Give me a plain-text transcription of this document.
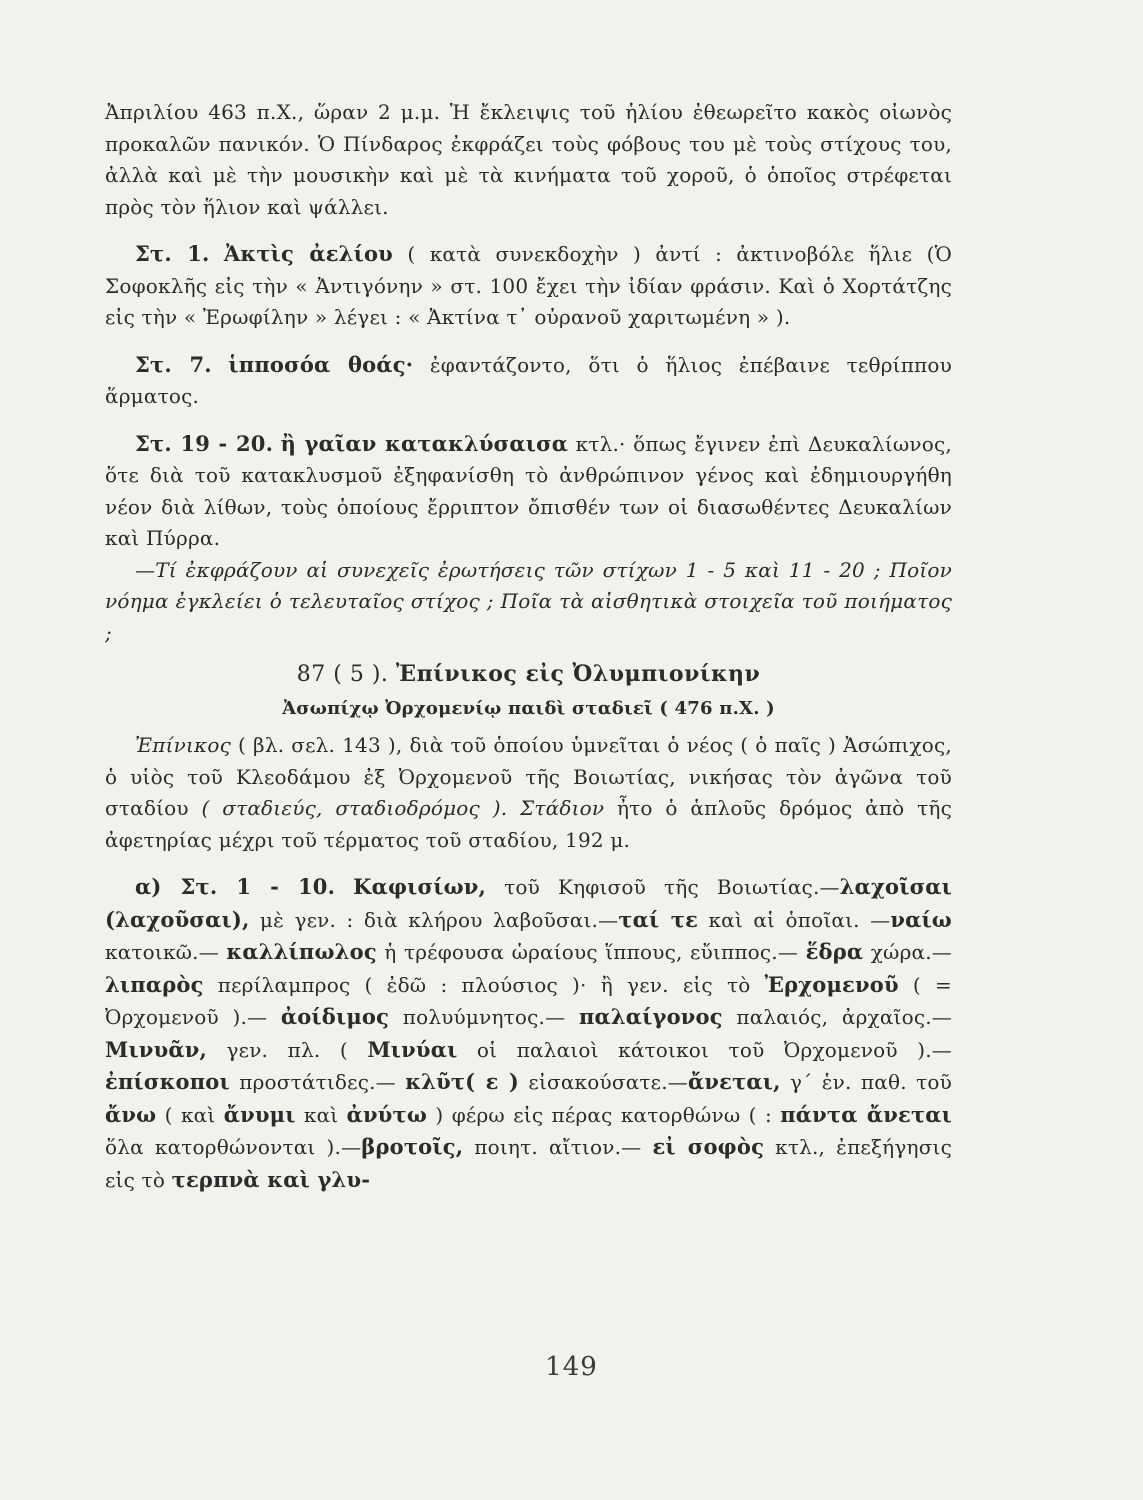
Ἀπριλίου 463 π.Χ., ὥραν 2 μ.μ. Ἡ ἔκλειψις τοῦ ἡλίου ἐθεωρεῖτο κακὸς οἰωνὸς προκαλῶν πανικόν. Ὁ Πίνδαρος ἐκφράζει τοὺς φόβους του μὲ τοὺς στίχους του, ἀλλὰ καὶ μὲ τὴν μουσικὴν καὶ μὲ τὰ κινήματα τοῦ χοροῦ, ὁ ὁποῖος στρέφεται πρὸς τὸν ἥλιον καὶ ψάλλει.

Στ. 1. Ἀκτὶς ἀελίου ( κατὰ συνεκδοχὴν ) ἀντί : ἀκτινοβόλε ἥλιε (Ὁ Σοφοκλῆς εἰς τὴν « Ἀντιγόνην » στ. 100 ἔχει τὴν ἰδίαν φράσιν. Καὶ ὁ Χορτάτζης εἰς τὴν « Ἐρωφίλην » λέγει : « Ἀκτίνα τ᾽ οὐρανοῦ χαριτωμένη » ).

Στ. 7. ἱπποσόα θοάς· ἐφαντάζοντο, ὅτι ὁ ἥλιος ἐπέβαινε τεθρίππου ἅρματος.

Στ. 19 - 20. ἢ γαῖαν κατακλύσαισα κτλ.· ὅπως ἔγινεν ἐπὶ Δευκαλίωνος, ὅτε διὰ τοῦ κατακλυσμοῦ ἐξηφανίσθη τὸ ἀνθρώπινον γένος καὶ ἐδημιουργήθη νέον διὰ λίθων, τοὺς ὁποίους ἔρριπτον ὄπισθέν των οἱ διασωθέντες Δευκαλίων καὶ Πύρρα.

—Τί ἐκφράζουν αἱ συνεχεῖς ἐρωτήσεις τῶν στίχων 1 - 5 καὶ 11 - 20 ; Ποῖον νόημα ἐγκλείει ὁ τελευταῖος στίχος ; Ποῖα τὰ αἰσθητικὰ στοιχεῖα τοῦ ποιήματος ;

87 ( 5 ). Ἐπίνικος εἰς Ὀλυμπιονίκην
Ἀσωπίχῳ Ὀρχομενίῳ παιδὶ σταδιεῖ ( 476 π.Χ. )

Ἐπίνικος ( βλ. σελ. 143 ), διὰ τοῦ ὁποίου ὑμνεῖται ὁ νέος ( ὁ παῖς ) Ἀσώπιχος, ὁ υἱὸς τοῦ Κλεοδάμου ἐξ Ὀρχομενοῦ τῆς Βοιωτίας, νικήσας τὸν ἀγῶνα τοῦ σταδίου ( σταδιεύς, σταδιοδρόμος ). Στάδιον ἦτο ὁ ἁπλοῦς δρόμος ἀπὸ τῆς ἀφετηρίας μέχρι τοῦ τέρματος τοῦ σταδίου, 192 μ.

α) Στ. 1 - 10. Καφισίων, τοῦ Κηφισοῦ τῆς Βοιωτίας.—λαχοῖσαι (λαχοῦσαι), μὲ γεν. : διὰ κλήρου λαβοῦσαι.—ταί τε καὶ αἱ ὁποῖαι. —ναίω κατοικῶ.— καλλίπωλος ἡ τρέφουσα ὡραίους ἵππους, εὔιππος.— ἕδρα χώρα.— λιπαρὸς περίλαμπρος ( ἐδῶ : πλούσιος )· ἢ γεν. εἰς τὸ Ἐρχομενοῦ ( = Ὀρχομενοῦ ).— ἀοίδιμος πολυύμνητος.— παλαίγονος παλαιός, ἀρχαῖος.—Μινυᾶν, γεν. πλ. ( Μινύαι οἱ παλαιοὶ κάτοικοι τοῦ Ὀρχομενοῦ ).— ἐπίσκοποι προστάτιδες.— κλῦτ( ε ) εἰσακούσατε.—ἄνεται, γ΄ ἑν. παθ. τοῦ ἄνω ( καὶ ἄνυμι καὶ ἀνύτω ) φέρω εἰς πέρας κατορθώνω ( : πάντα ἄνεται ὅλα κατορθώνονται ).—βροτοῖς, ποιητ. αἴτιον.— εἰ σοφὸς κτλ., ἐπεξήγησις εἰς τὸ τερπνὰ καὶ γλυ-

149
